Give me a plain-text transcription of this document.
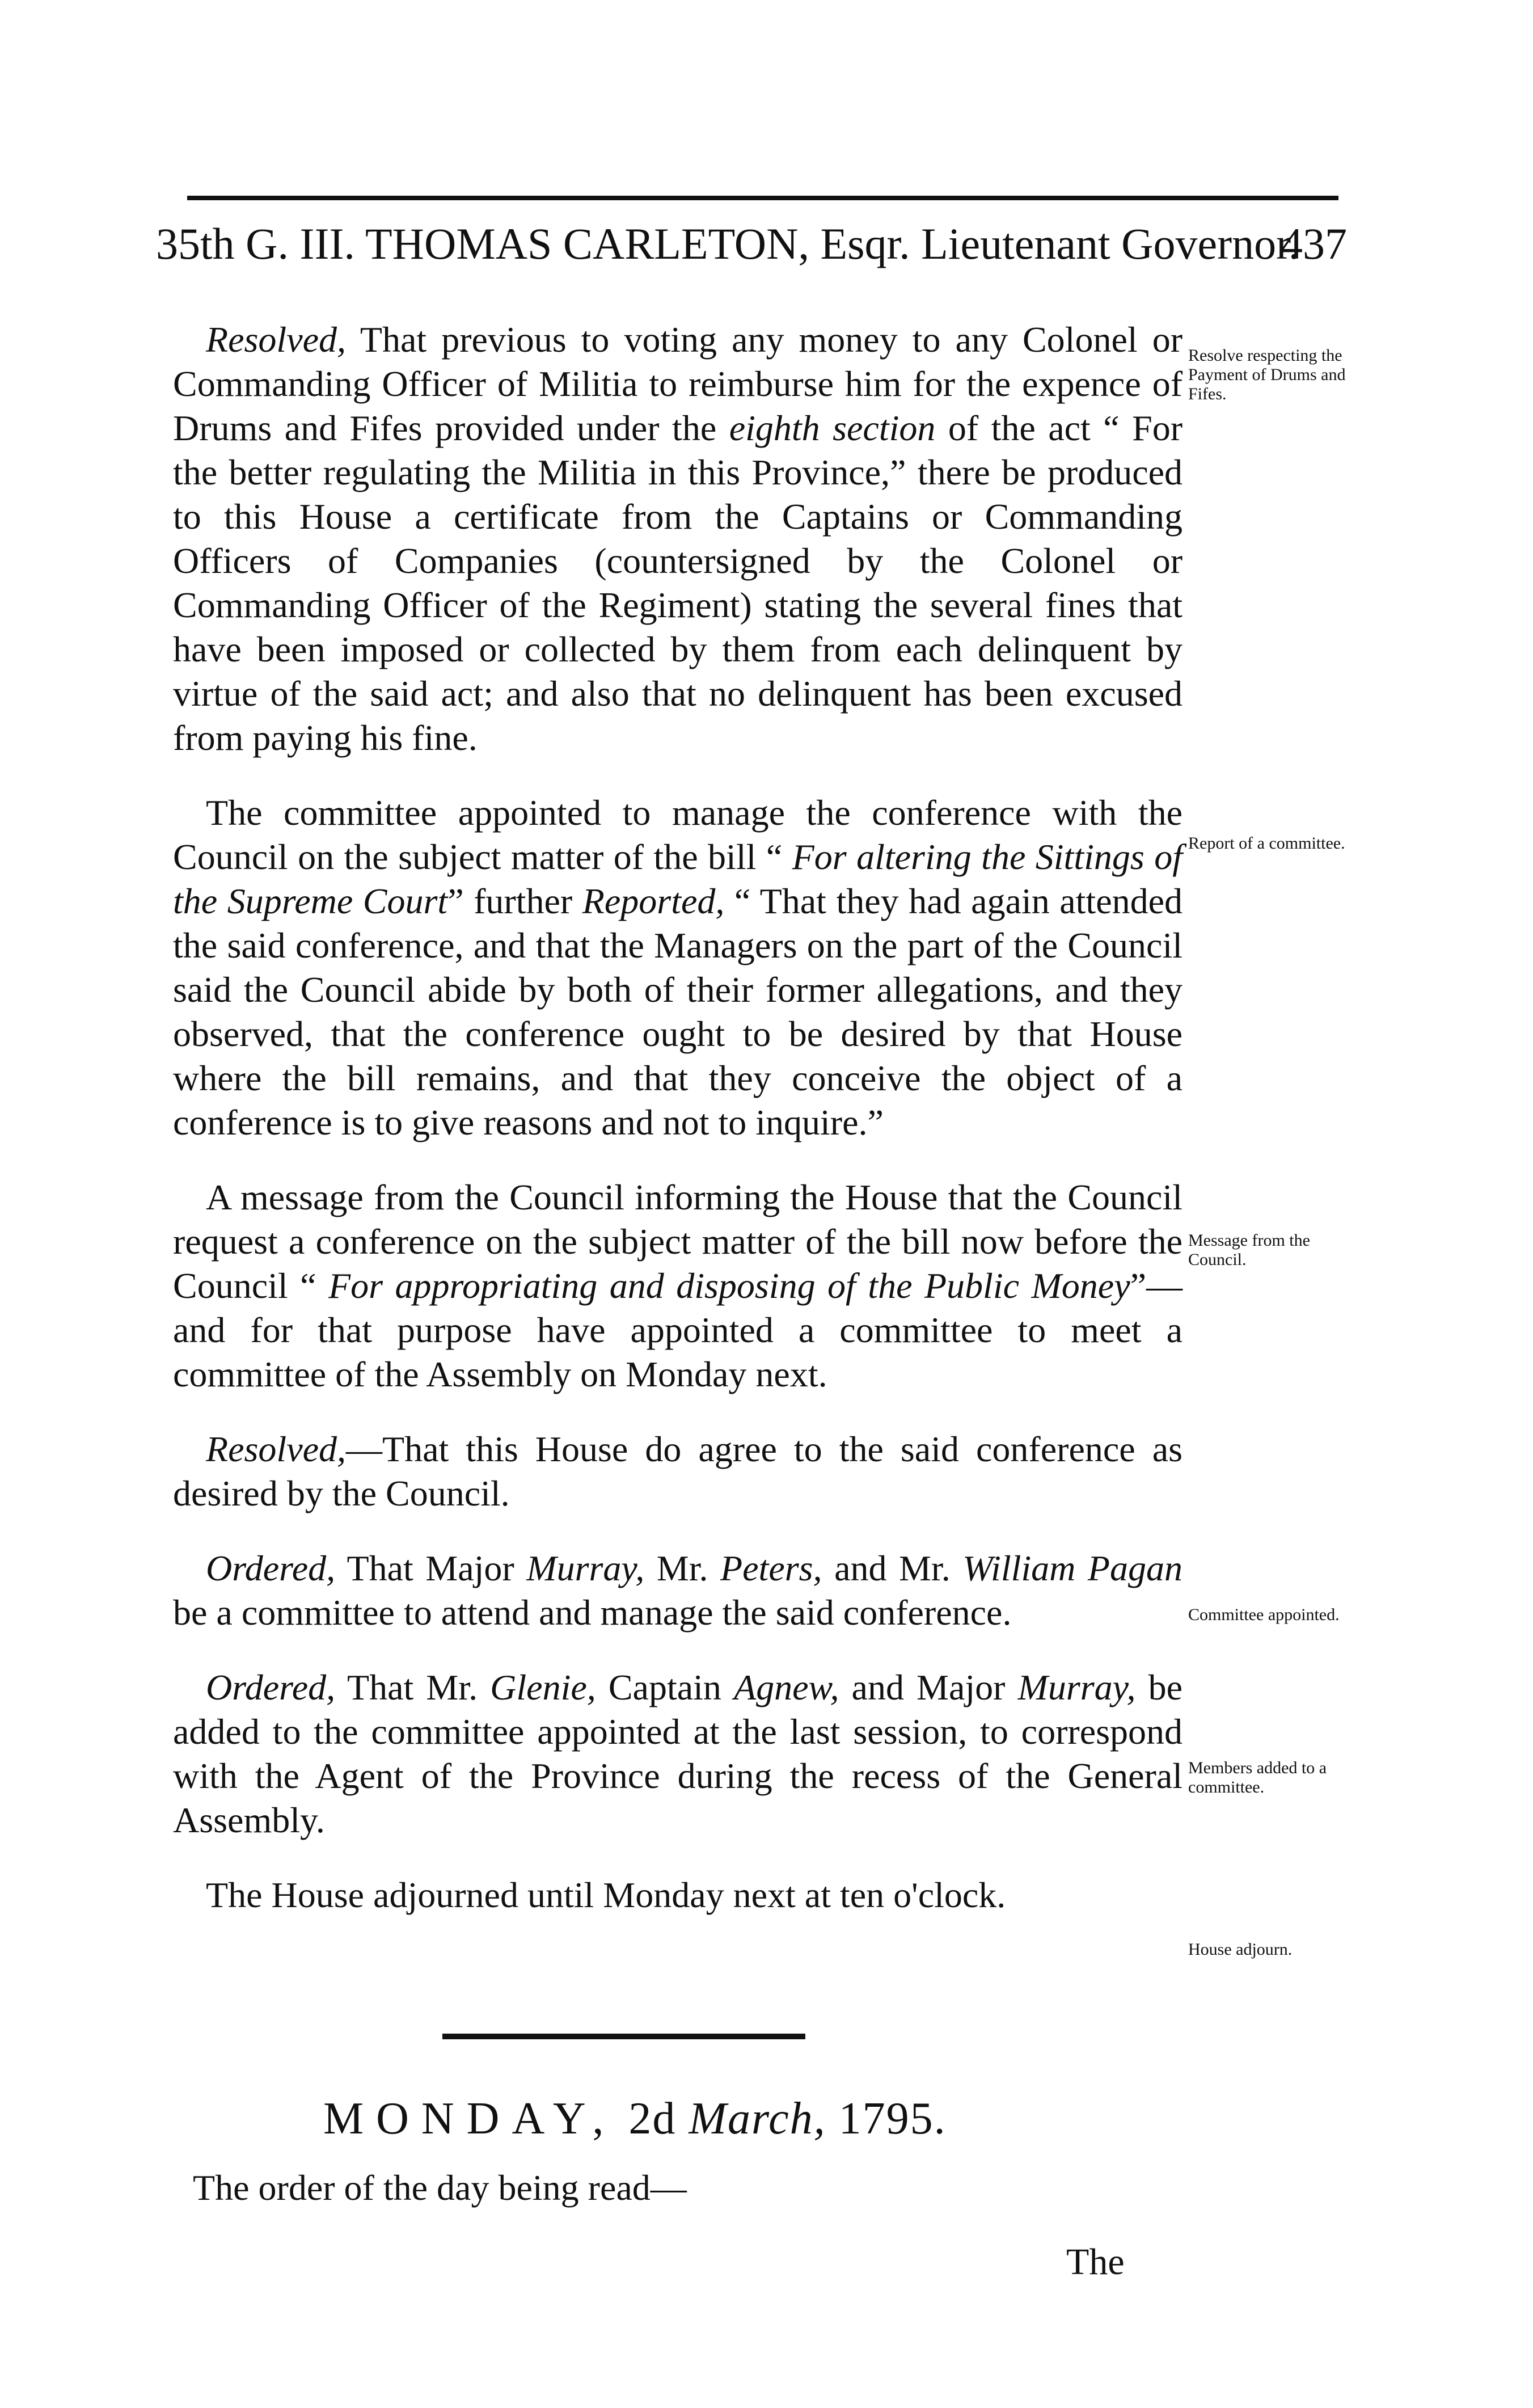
35th G. III. THOMAS CARLETON, Esqr. Lieutenant Governor.
437

Resolved, That previous to voting any money to any Colonel or Commanding Officer of Militia to reimburse him for the expence of Drums and Fifes provided under the eighth section of the act “ For the better regulating the Militia in this Province,” there be produced to this House a certificate from the Captains or Commanding Officers of Companies (countersigned by the Colonel or Commanding Officer of the Regiment) stating the several fines that have been imposed or collected by them from each delinquent by virtue of the said act; and also that no delinquent has been excused from paying his fine.

The committee appointed to manage the conference with the Council on the subject matter of the bill “ For altering the Sittings of the Supreme Court” further Reported, “ That they had again attended the said conference, and that the Managers on the part of the Council said the Council abide by both of their former allegations, and they observed, that the conference ought to be desired by that House where the bill remains, and that they conceive the object of a conference is to give reasons and not to inquire.”

A message from the Council informing the House that the Council request a conference on the subject matter of the bill now before the Council “ For appropriating and disposing of the Public Money”—and for that purpose have appointed a committee to meet a committee of the Assembly on Monday next.

Resolved,—That this House do agree to the said conference as desired by the Council.

Ordered, That Major Murray, Mr. Peters, and Mr. William Pagan be a committee to attend and manage the said conference.

Ordered, That Mr. Glenie, Captain Agnew, and Major Murray, be added to the committee appointed at the last session, to correspond with the Agent of the Province during the recess of the General Assembly.

The House adjourned until Monday next at ten o'clock.

Resolve respecting the Payment of Drums and Fifes.
Report of a committee.
Message from the Council.
Committee appointed.
Members added to a committee.
House adjourn.
MONDAY, 2d March, 1795.
The order of the day being read—
The
